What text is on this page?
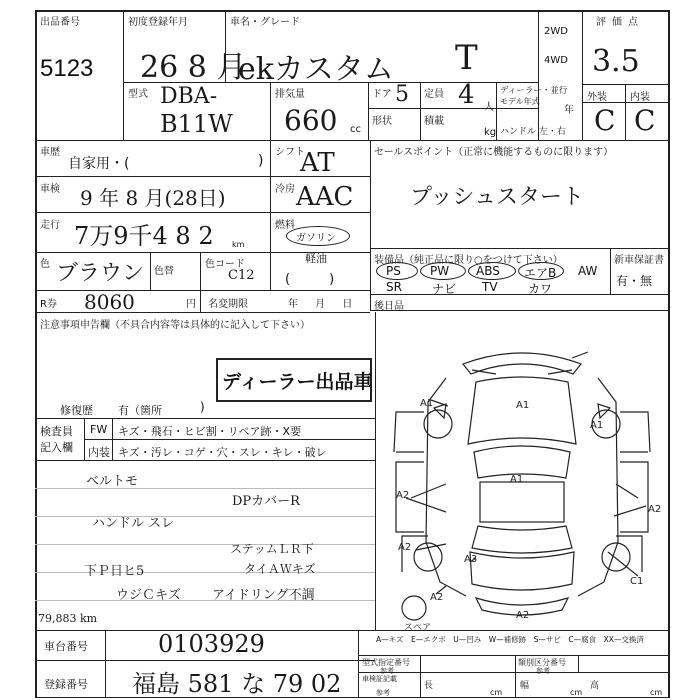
出品番号
5123
初度登録年月
26 8 月
車名・グレード
ekカスタム T
2WD
4WD
評価点
3.5
型式 DBA-
B11W
排気量
660 cc
ドア 5 定員 4 人
ディーラー・並行
モデル年式
年
形状	積載
kg ハンドル 左・右
外装 内装
C C
車歴
自家用・(	)
シフト
AT
車検 9 年 8 月(28日)	冷房 AAC
走行 7万9千4 8 2 km
燃料
ガソリン
軽油
(　　　)
色 ブラウン 色替
色コード
C12
R券 8060	円 名変期限	年 月 日
注意事項申告欄（不具合内容等は具体的に記入して下さい）
ディーラー出品車
修復歴 有（箇所	)
セールスポイント（正常に機能するものに限ります）
プッシュスタート
装備品（純正品に限り○をつけて下さい）	新車保証書
有・無
PS PW ABS エアB AW
SR	ナビ TV	カワ
後日品
検査員記入欄
FW キズ・飛石・ヒビ割・リペア跡・X要
内装 キズ・汚レ・コゲ・穴・スレ・キレ・破レ
ベルトモ
ハンドル スレ
下Ｐ日ヒ5
ウジＣキズ
DPカバーR
ステッムＬＲ下
タイＡＷキズ
アイドリング不調
79,883 km
A1	A1
A1
A1
A2
A2
A2
A2
A2
A3
C1
スペア
A—キズ　E—エクボ　U—凹み　W—補修跡　S—サビ　C—腐食　XX—交換済
車台番号	0103929
登録番号 福島 581 な 79 02
型式指定番号
参考
類別区分番号
参考
車検証記載
参考
長
cm
幅
cm
高
cm
